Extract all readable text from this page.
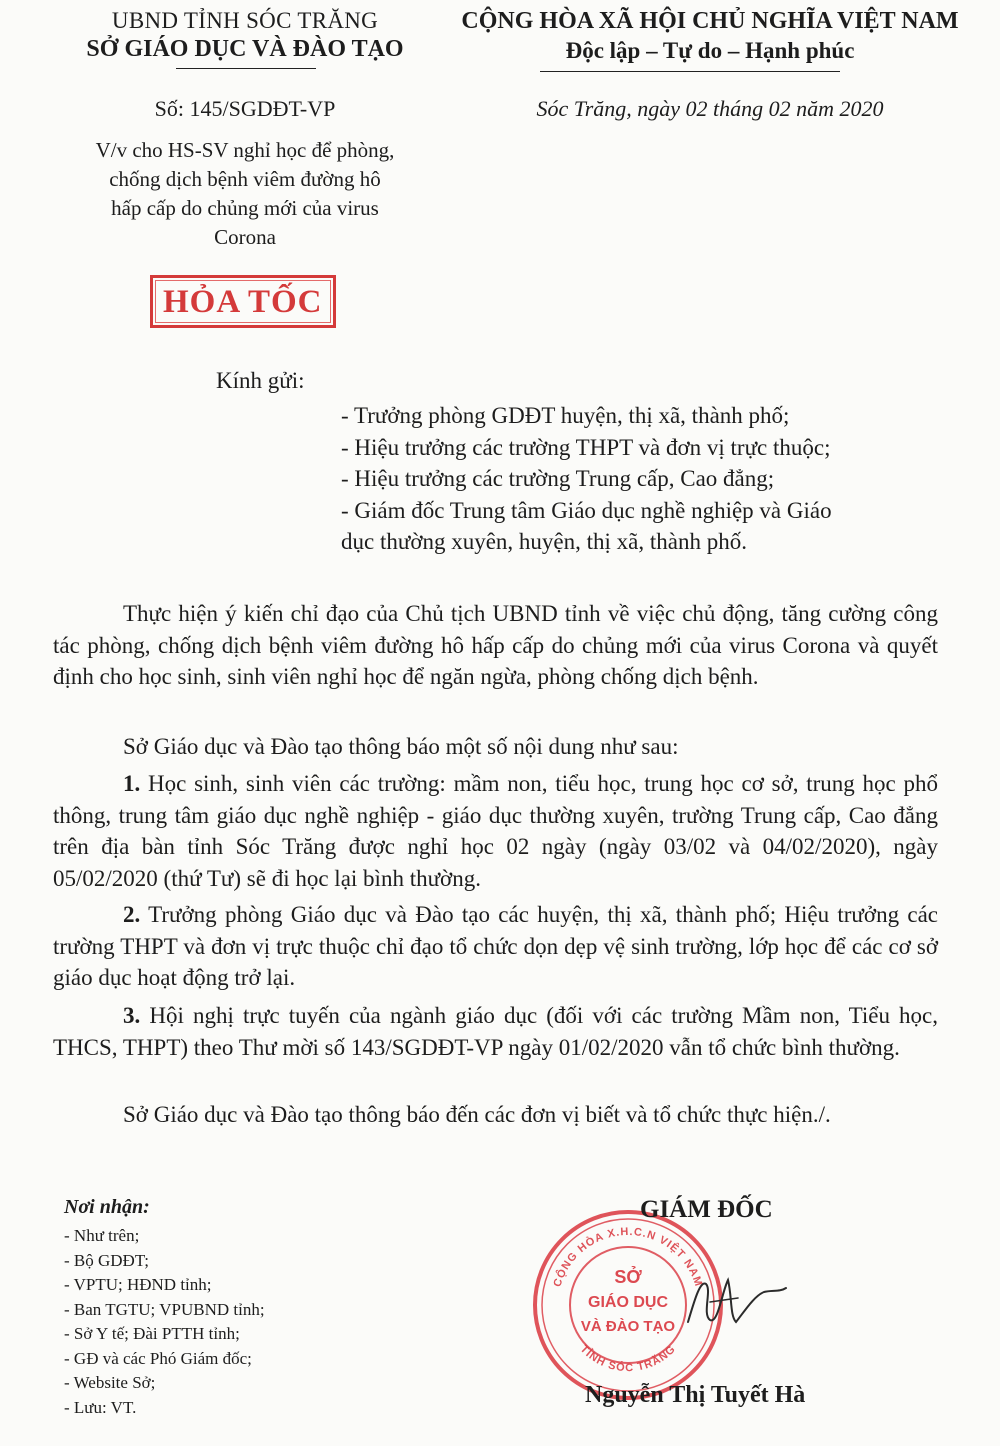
UBND TỈNH SÓC TRĂNG
SỞ GIÁO DỤC VÀ ĐÀO TẠO
CỘNG HÒA XÃ HỘI CHỦ NGHĨA VIỆT NAM
Độc lập – Tự do – Hạnh phúc
Số: 145/SGDĐT-VP	Sóc Trăng, ngày 02 tháng 02 năm 2020
V/v cho HS-SV nghỉ học để phòng,
chống dịch bệnh viêm đường hô
hấp cấp do chủng mới của virus
Corona
HỎA TỐC
Kính gửi:
- Trưởng phòng GDĐT huyện, thị xã, thành phố;
- Hiệu trưởng các trường THPT và đơn vị trực thuộc;
- Hiệu trưởng các trường Trung cấp, Cao đẳng;
- Giám đốc Trung tâm Giáo dục nghề nghiệp và Giáo
dục thường xuyên, huyện, thị xã, thành phố.
Thực hiện ý kiến chỉ đạo của Chủ tịch UBND tỉnh về việc chủ động, tăng cường công tác phòng, chống dịch bệnh viêm đường hô hấp cấp do chủng mới của virus Corona và quyết định cho học sinh, sinh viên nghỉ học để ngăn ngừa, phòng chống dịch bệnh.
Sở Giáo dục và Đào tạo thông báo một số nội dung như sau:
1. Học sinh, sinh viên các trường: mầm non, tiểu học, trung học cơ sở, trung học phổ thông, trung tâm giáo dục nghề nghiệp - giáo dục thường xuyên, trường Trung cấp, Cao đẳng trên địa bàn tỉnh Sóc Trăng được nghỉ học 02 ngày (ngày 03/02 và 04/02/2020), ngày 05/02/2020 (thứ Tư) sẽ đi học lại bình thường.
2. Trưởng phòng Giáo dục và Đào tạo các huyện, thị xã, thành phố; Hiệu trưởng các trường THPT và đơn vị trực thuộc chỉ đạo tổ chức dọn dẹp vệ sinh trường, lớp học để các cơ sở giáo dục hoạt động trở lại.
3. Hội nghị trực tuyến của ngành giáo dục (đối với các trường Mầm non, Tiểu học, THCS, THPT) theo Thư mời số 143/SGDĐT-VP ngày 01/02/2020 vẫn tổ chức bình thường.
Sở Giáo dục và Đào tạo thông báo đến các đơn vị biết và tổ chức thực hiện./.
Nơi nhận:
- Như trên;
- Bộ GDĐT;
- VPTU; HĐND tỉnh;
- Ban TGTU; VPUBND tỉnh;
- Sở Y tế; Đài PTTH tỉnh;
- GĐ và các Phó Giám đốc;
- Website Sở;
- Lưu: VT.
CỘNG HÒA X.H.C.N VIỆT NAM
TỈNH SÓC TRĂNG
SỞ
GIÁO DỤC
VÀ ĐÀO TẠO
GIÁM ĐỐC
Nguyễn Thị Tuyết Hà
